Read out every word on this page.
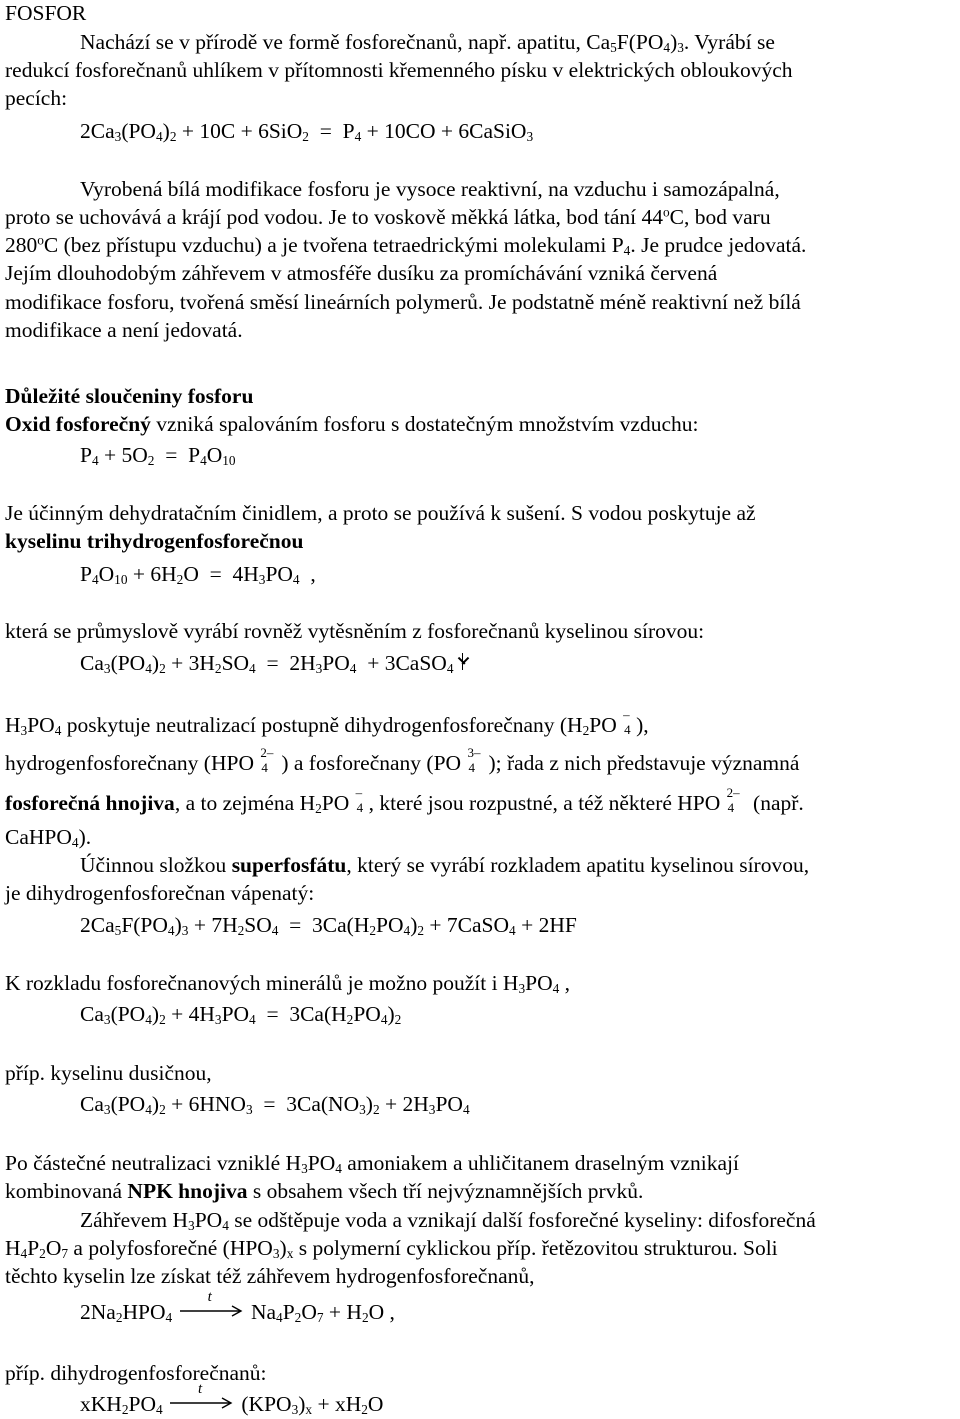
FOSFOR
Nachází se v přírodě ve formě fosforečnanů, např. apatitu, $Ca_5F(PO_4)_3$. Vyrábí se
redukcí fosforečnanů uhlíkem v přítomnosti křemenného písku v elektrických obloukových
pecích:
$2Ca_3(PO_4)_2 + 10C + 6SiO_2 = P_4 + 10CO$ + 6CaSiO$_3$
Vyrobená bílá modifikace fosforu je vysoce reaktivní, na vzduchu i samozápalná,
proto se uchovává a krájí pod vodou. Je to voskově měkká látka, bod tání 44$^o$C, bod varu
280$^o$C (bez přístupu vzduchu) a je tvořena tetraedrickými molekulami $P_4$. Je prudce jedovatá.
Jejím dlouhodobým záhřevem v atmosféře dusíku za promíchávání vzniká červená
modifikace fosforu, tvořená směsí lineárních polymerů. Je podstatně méně reaktivní než bílá
modifikace a není jedovatá.
Důležité sloučeniny fosforu
Oxid fosforečný vzniká spalováním fosforu s dostatečným množstvím vzduchu:
$P_4 + 5O_2 = P_4O_{10}$
Je účinným dehydratačním činidlem, a proto se používá k sušení. S vodou poskytuje až
kyselinu trihydrogenfosforečnou
$P_4O_{10} + 6H_2O = 4H_3PO_4$  ,
která se průmyslově vyrábí rovněž vytěsněním z fosforečnanů kyselinou sírovou:
$Ca_3(PO_4)_2 + 3H_2SO_4 = 2H_3PO_4$  + 3CaSO$_4$
$H_3PO_4$ poskytuje neutralizací postupně dihydrogenfosforečnany ($H_2PO$ –
4 ),
hydrogenfosforečnany (HPO 2–
4 ) a fosforečnany (PO 3–
4 ); řada z nich představuje významná
fosforečná hnojiva, a to zejména $H_2PO$ –
4 , které jsou rozpustné, a též některé HPO 2–
4 (např.
CaHPO$_4$).
Účinnou složkou superfosfátu, který se vyrábí rozkladem apatitu kyselinou sírovou,
je dihydrogenfosforečnan vápenatý:
$2Ca_5F(PO_4)_3 + 7H_2SO_4 = 3Ca(H_2PO_4)_2$ + 7CaSO$_4$ + 2HF
K rozkladu fosforečnanových minerálů je možno použít i $H_3PO_4$ ,
$Ca_3(PO_4)_2 + 4H_3PO_4 = 3Ca(H_2PO_4)_2$
příp. kyselinu dusičnou,
$Ca_3(PO_4)_2 + 6HNO_3 = 3Ca(NO_3)_2 + 2H_3PO_4$
Po částečné neutralizaci vzniklé $H_3PO_4$ amoniakem a uhličitanem draselným vznikají
kombinovaná NPK hnojiva s obsahem všech tří nejvýznamnějších prvků.
Záhřevem $H_3PO_4$ se odštěpuje voda a vznikají další fosforečné kyseliny: difosforečná
$H_4P_2O_7$ a polyfosforečné $(HPO_3)_x$ s polymerní cyklickou příp. řetězovitou strukturou. Soli
těchto kyselin lze získat též záhřevem hydrogenfosforečnanů,
$2Na_2HPO_4$
t
$Na_4P_2O_7 + H_2O$ ,
příp. dihydrogenfosforečnanů:
$xKH_2PO_4$
t
$(KPO_3)_x + xH_2O$
